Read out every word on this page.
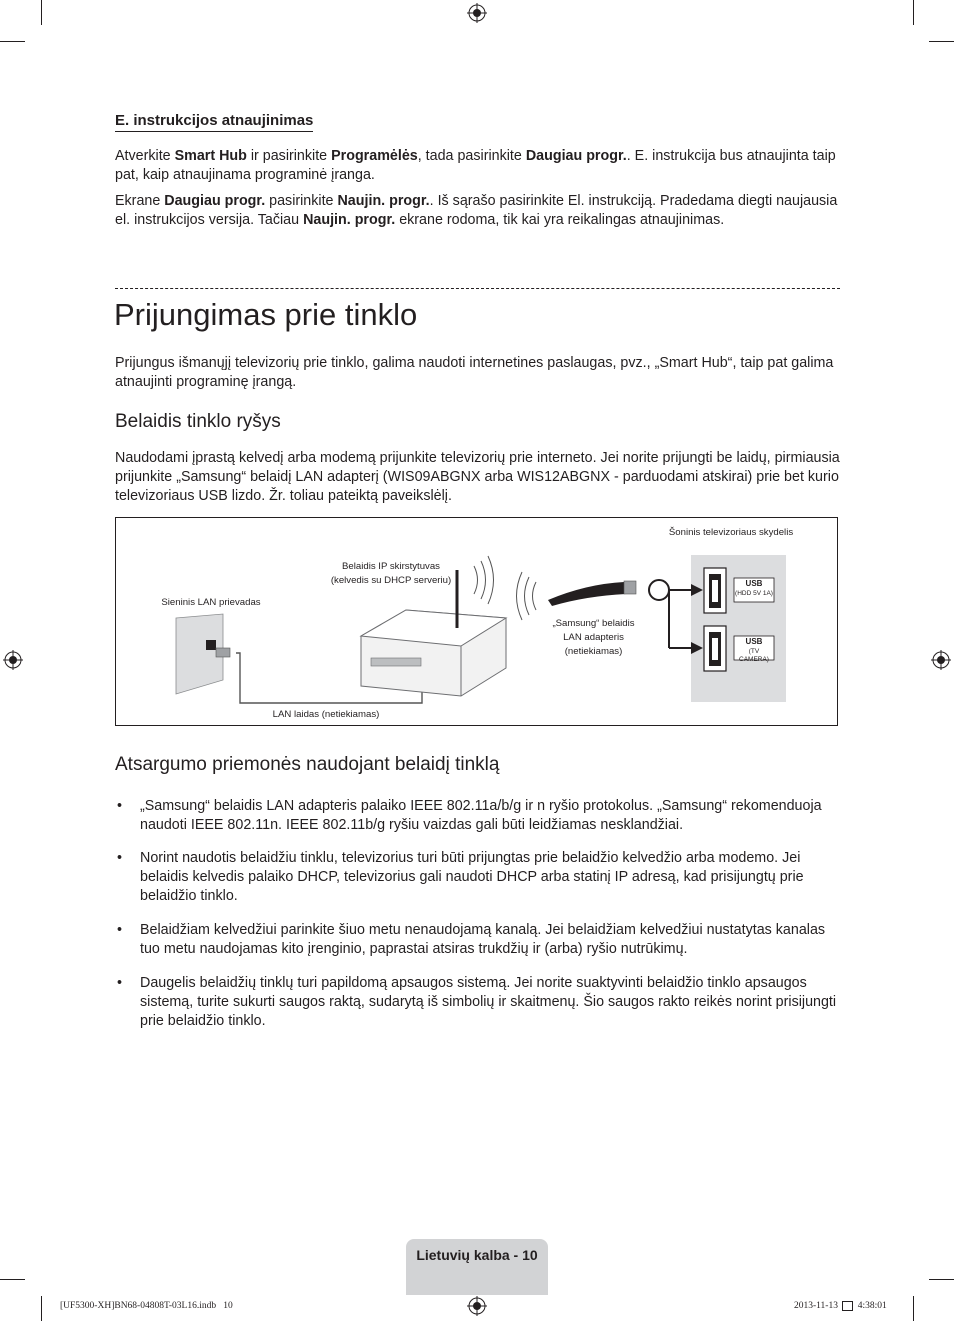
E. instrukcijos atnaujinimas

Atverkite Smart Hub ir pasirinkite Programėlės, tada pasirinkite Daugiau progr.. E. instrukcija bus atnaujinta taip pat, kaip atnaujinama programinė įranga.

Ekrane Daugiau progr. pasirinkite Naujin. progr.. Iš sąrašo pasirinkite El. instrukciją. Pradedama diegti naujausia el. instrukcijos versija. Tačiau Naujin. progr. ekrane rodoma, tik kai yra reikalingas atnaujinimas.

Prijungimas prie tinklo

Prijungus išmanųjį televizorių prie tinklo, galima naudoti internetines paslaugas, pvz., „Smart Hub“, taip pat galima atnaujinti programinę įrangą.

Belaidis tinklo ryšys

Naudodami įprastą kelvedį arba modemą prijunkite televizorių prie interneto. Jei norite prijungti be laidų, pirmiausia prijunkite „Samsung“ belaidį LAN adapterį (WIS09ABGNX arba WIS12ABGNX - parduodami atskirai) prie bet kurio televizoriaus USB lizdo. Žr. toliau pateiktą paveikslėlį.

Sieninis LAN prievadas
Belaidis IP skirstytuvas
(kelvedis su DHCP serveriu)
LAN laidas (netiekiamas)
„Samsung“ belaidis
LAN adapteris
(netiekiamas)
Šoninis televizoriaus skydelis
USB
(HDD 5V 1A)
USB
(TV CAMERA)
Atsargumo priemonės naudojant belaidį tinklą
• „Samsung“ belaidis LAN adapteris palaiko IEEE 802.11a/b/g ir n ryšio protokolus. „Samsung“ rekomenduoja naudoti IEEE 802.11n. IEEE 802.11b/g ryšiu vaizdas gali būti leidžiamas nesklandžiai.
• Norint naudotis belaidžiu tinklu, televizorius turi būti prijungtas prie belaidžio kelvedžio arba modemo. Jei belaidis kelvedis palaiko DHCP, televizorius gali naudoti DHCP arba statinį IP adresą, kad prisijungtų prie belaidžio tinklo.
• Belaidžiam kelvedžiui parinkite šiuo metu nenaudojamą kanalą. Jei belaidžiam kelvedžiui nustatytas kanalas tuo metu naudojamas kito įrenginio, paprastai atsiras trukdžių ir (arba) ryšio nutrūkimų.
• Daugelis belaidžių tinklų turi papildomą apsaugos sistemą. Jei norite suaktyvinti belaidžio tinklo apsaugos sistemą, turite sukurti saugos raktą, sudarytą iš simbolių ir skaitmenų. Šio saugos rakto reikės norint prisijungti prie belaidžio tinklo.
Lietuvių kalba - 10
[UF5300-XH]BN68-04808T-03L16.indb   10	2013-11-13 4:38:01
